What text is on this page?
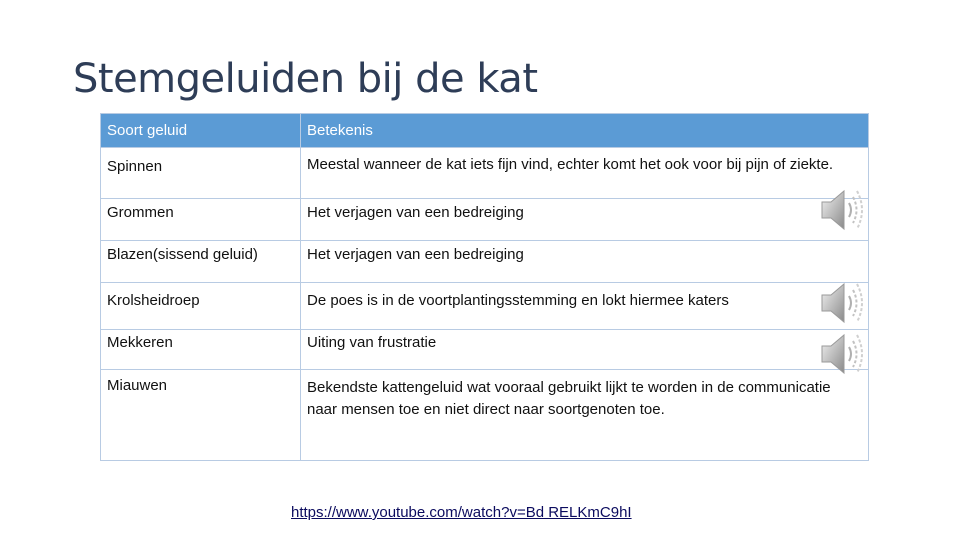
Stemgeluiden bij de kat
Soort geluid	Betekenis
Spinnen	Meestal wanneer de kat iets fijn vind, echter komt het ook voor bij pijn of ziekte.
Grommen	Het verjagen van een bedreiging
Blazen(sissend geluid)	Het verjagen van een bedreiging
Krolsheidroep	De poes is in de voortplantingsstemming en lokt hiermee katers
Mekkeren	Uiting van frustratie
Miauwen	Bekendste kattengeluid wat vooraal gebruikt lijkt te worden in de communicatie naar mensen toe en niet direct naar soortgenoten toe.
https://www.youtube.com/watch?v=Bd RELKmC9hI
